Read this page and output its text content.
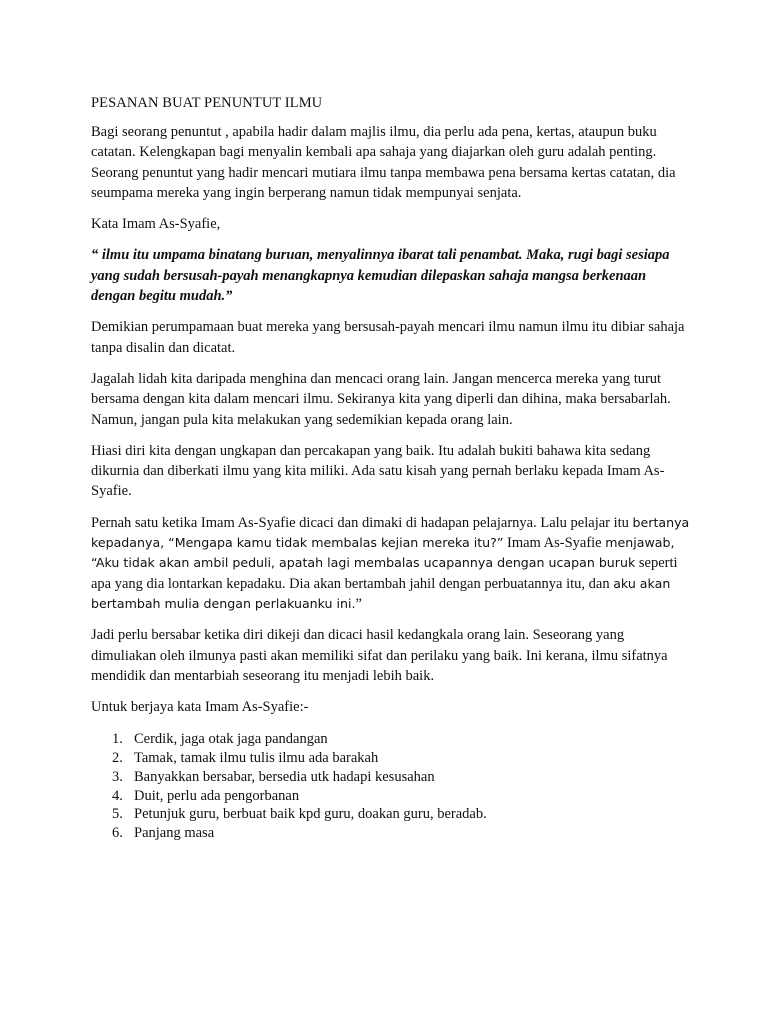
PESANAN BUAT PENUNTUT ILMU

Bagi seorang penuntut , apabila hadir dalam majlis ilmu, dia perlu ada pena, kertas, ataupun buku catatan. Kelengkapan bagi menyalin kembali apa sahaja yang diajarkan oleh guru adalah penting. Seorang penuntut yang hadir mencari mutiara ilmu tanpa membawa pena bersama kertas catatan, dia seumpama mereka yang ingin berperang namun tidak mempunyai senjata.

Kata Imam As-Syafie,

“ ilmu itu umpama binatang buruan, menyalinnya ibarat tali penambat. Maka, rugi bagi sesiapa yang sudah bersusah-payah menangkapnya kemudian dilepaskan sahaja mangsa berkenaan dengan begitu mudah.”

Demikian perumpamaan buat mereka yang bersusah-payah mencari ilmu namun ilmu itu dibiar sahaja tanpa disalin dan dicatat.

Jagalah lidah kita daripada menghina dan mencaci orang lain. Jangan mencerca mereka yang turut bersama dengan kita dalam mencari ilmu. Sekiranya kita yang diperli dan dihina, maka bersabarlah. Namun, jangan pula kita melakukan yang sedemikian kepada orang lain.

Hiasi diri kita dengan ungkapan dan percakapan yang baik. Itu adalah bukiti bahawa kita sedang dikurnia dan diberkati ilmu yang kita miliki. Ada satu kisah yang pernah berlaku kepada Imam As-Syafie.

Pernah satu ketika Imam As-Syafie dicaci dan dimaki di hadapan pelajarnya. Lalu pelajar itu bertanya kepadanya, “Mengapa kamu tidak membalas kejian mereka itu?” Imam As-Syafie menjawab, “Aku tidak akan ambil peduli, apatah lagi membalas ucapannya dengan ucapan buruk seperti apa yang dia lontarkan kepadaku. Dia akan bertambah jahil dengan perbuatannya itu, dan aku akan bertambah mulia dengan perlakuanku ini.”

Jadi perlu bersabar ketika diri dikeji dan dicaci hasil kedangkala orang lain. Seseorang yang dimuliakan oleh ilmunya pasti akan memiliki sifat dan perilaku yang baik. Ini kerana, ilmu sifatnya mendidik dan mentarbiah seseorang itu menjadi lebih baik.

Untuk berjaya kata Imam As-Syafie:-

1. Cerdik, jaga otak jaga pandangan
2. Tamak, tamak ilmu tulis ilmu ada barakah
3. Banyakkan bersabar, bersedia utk hadapi kesusahan
4. Duit, perlu ada pengorbanan
5. Petunjuk guru, berbuat baik kpd guru, doakan guru, beradab.
6. Panjang masa
